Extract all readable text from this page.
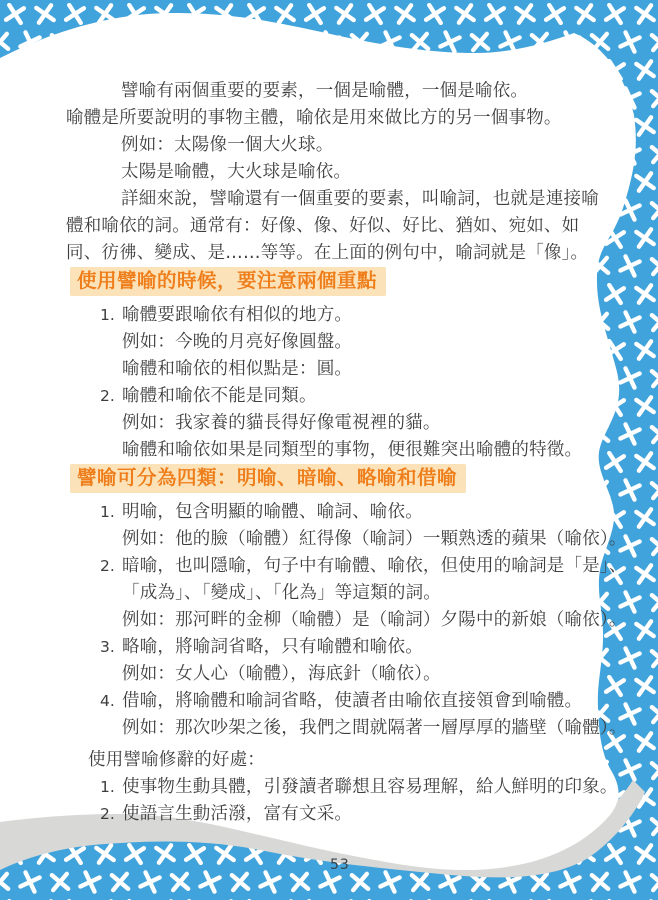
譬喻有兩個重要的要素，一個是喻體，一個是喻依。
喻體是所要說明的事物主體，喻依是用來做比方的另一個事物。
例如：太陽像一個大火球。
太陽是喻體，大火球是喻依。
詳細來說，譬喻還有一個重要的要素，叫喻詞，也就是連接喻
體和喻依的詞。通常有：好像、像、好似、好比、猶如、宛如、如
同、彷彿、變成、是……等等。在上面的例句中，喻詞就是「像」。
使用譬喻的時候，要注意兩個重點
1. 喻體要跟喻依有相似的地方。
例如：今晚的月亮好像圓盤。
喻體和喻依的相似點是：圓。
2. 喻體和喻依不能是同類。
例如：我家養的貓長得好像電視裡的貓。
喻體和喻依如果是同類型的事物，便很難突出喻體的特徵。
譬喻可分為四類：明喻、暗喻、略喻和借喻
1. 明喻，包含明顯的喻體、喻詞、喻依。
例如：他的臉（喻體）紅得像（喻詞）一顆熟透的蘋果（喻依）。
2. 暗喻，也叫隱喻，句子中有喻體、喻依，但使用的喻詞是「是」、
「成為」、「變成」、「化為」等這類的詞。
例如：那河畔的金柳（喻體）是（喻詞）夕陽中的新娘（喻依）。
3. 略喻，將喻詞省略，只有喻體和喻依。
例如：女人心（喻體），海底針（喻依）。
4. 借喻，將喻體和喻詞省略，使讀者由喻依直接領會到喻體。
例如：那次吵架之後，我們之間就隔著一層厚厚的牆壁（喻體）。
使用譬喻修辭的好處：
1. 使事物生動具體，引發讀者聯想且容易理解，給人鮮明的印象。
2. 使語言生動活潑，富有文采。
53
